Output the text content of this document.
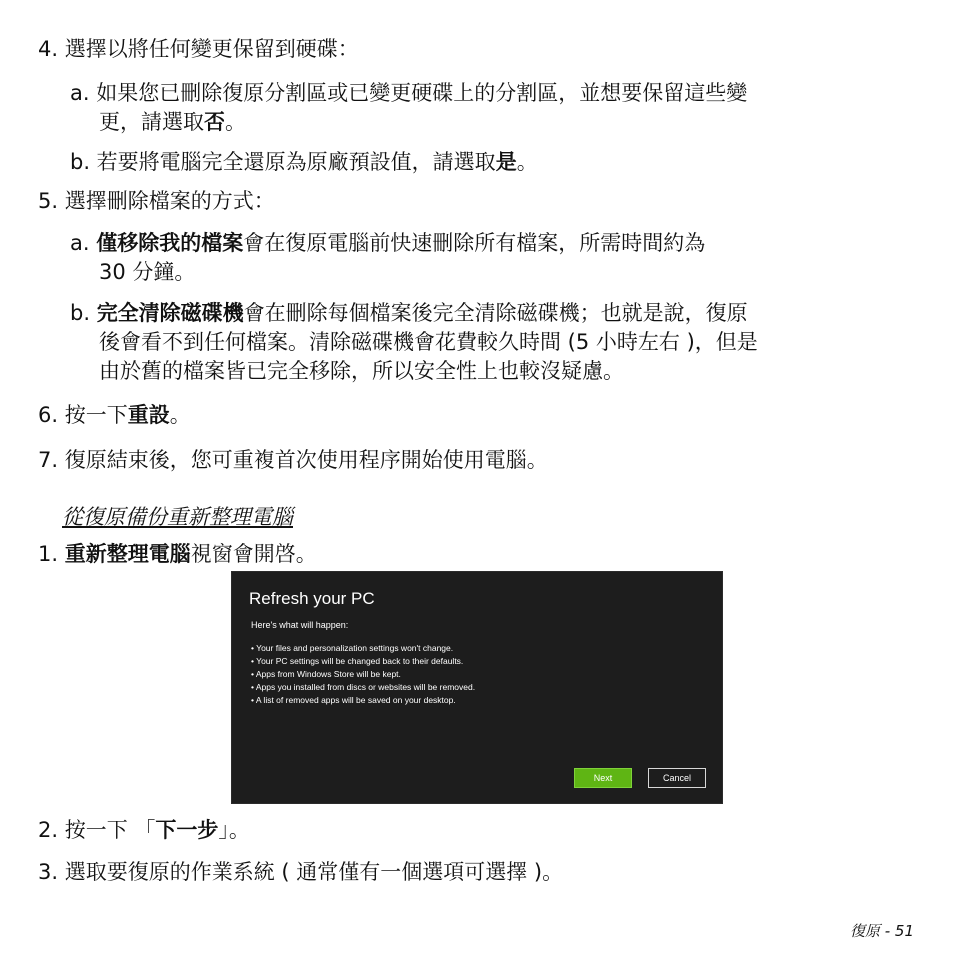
4. 選擇以將任何變更保留到硬碟：
a. 如果您已刪除復原分割區或已變更硬碟上的分割區，並想要保留這些變
更，請選取否。
b. 若要將電腦完全還原為原廠預設值，請選取是。
5. 選擇刪除檔案的方式：
a. 僅移除我的檔案會在復原電腦前快速刪除所有檔案，所需時間約為
30 分鐘。
b. 完全清除磁碟機會在刪除每個檔案後完全清除磁碟機；也就是說，復原
後會看不到任何檔案。清除磁碟機會花費較久時間 (5 小時左右 )，但是
由於舊的檔案皆已完全移除，所以安全性上也較沒疑慮。
6. 按一下重設。
7. 復原結束後，您可重複首次使用程序開始使用電腦。
從復原備份重新整理電腦
1. 重新整理電腦視窗會開啓。
Refresh your PC
Here's what will happen:
• Your files and personalization settings won't change.
• Your PC settings will be changed back to their defaults.
• Apps from Windows Store will be kept.
• Apps you installed from discs or websites will be removed.
• A list of removed apps will be saved on your desktop.
Next	Cancel
2. 按一下 「下一步」。
3. 選取要復原的作業系統 ( 通常僅有一個選項可選擇 )。
復原 - 51
